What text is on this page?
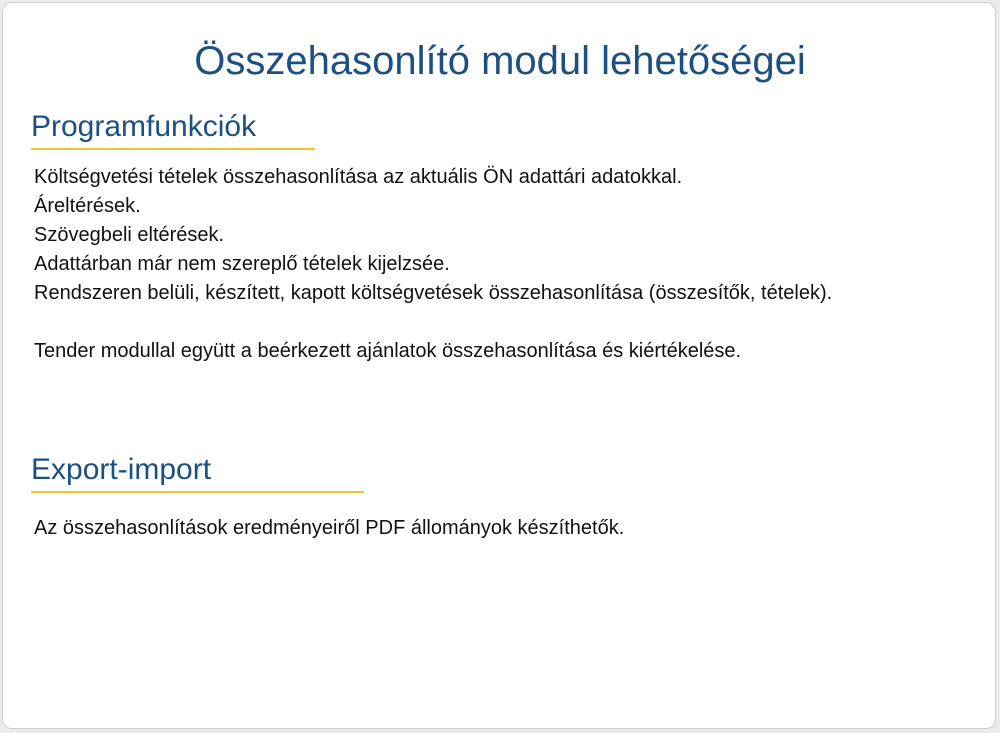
Összehasonlító modul lehetőségei
Programfunkciók

Költségvetési tételek összehasonlítása az aktuális ÖN adattári adatokkal.

Áreltérések.

Szövegbeli eltérések.

Adattárban már nem szereplő tételek kijelzsée.

Rendszeren belüli, készített, kapott költségvetések összehasonlítása (összesítők, tételek).

Tender modullal együtt a beérkezett ajánlatok összehasonlítása és kiértékelése.

Export-import

Az összehasonlítások eredményeiről PDF állományok készíthetők.
